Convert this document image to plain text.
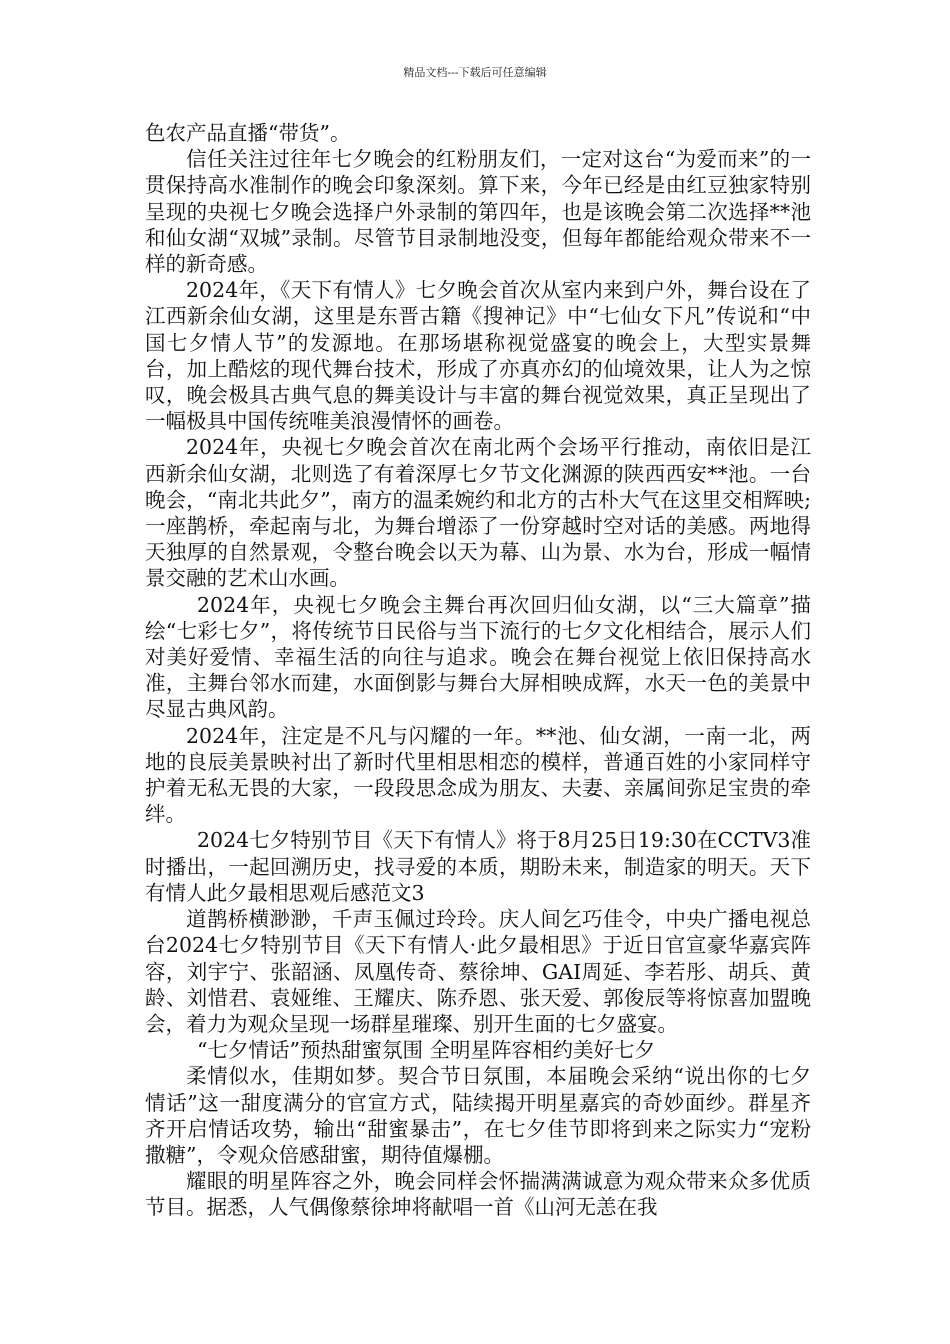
精品文档---下载后可任意编辑

色农产品直播“带货”。

信任关注过往年七夕晚会的红粉朋友们，一定对这台“为爱而来”的一贯保持高水准制作的晚会印象深刻。算下来，今年已经是由红豆独家特别呈现的央视七夕晚会选择户外录制的第四年，也是该晚会第二次选择**池和仙女湖“双城”录制。尽管节目录制地没变，但每年都能给观众带来不一样的新奇感。

2024年，《天下有情人》七夕晚会首次从室内来到户外，舞台设在了江西新余仙女湖，这里是东晋古籍《搜神记》中“七仙女下凡”传说和“中国七夕情人节”的发源地。在那场堪称视觉盛宴的晚会上，大型实景舞台，加上酷炫的现代舞台技术，形成了亦真亦幻的仙境效果，让人为之惊叹，晚会极具古典气息的舞美设计与丰富的舞台视觉效果，真正呈现出了一幅极具中国传统唯美浪漫情怀的画卷。

2024年，央视七夕晚会首次在南北两个会场平行推动，南依旧是江西新余仙女湖，北则选了有着深厚七夕节文化渊源的陕西西安**池。一台晚会，“南北共此夕”，南方的温柔婉约和北方的古朴大气在这里交相辉映;一座鹊桥，牵起南与北，为舞台增添了一份穿越时空对话的美感。两地得天独厚的自然景观，令整台晚会以天为幕、山为景、水为台，形成一幅情景交融的艺术山水画。

2024年，央视七夕晚会主舞台再次回归仙女湖，以“三大篇章”描绘“七彩七夕”，将传统节日民俗与当下流行的七夕文化相结合，展示人们对美好爱情、幸福生活的向往与追求。晚会在舞台视觉上依旧保持高水准，主舞台邻水而建，水面倒影与舞台大屏相映成辉，水天一色的美景中尽显古典风韵。

2024年，注定是不凡与闪耀的一年。**池、仙女湖，一南一北，两地的良辰美景映衬出了新时代里相思相恋的模样，普通百姓的小家同样守护着无私无畏的大家，一段段思念成为朋友、夫妻、亲属间弥足宝贵的牵绊。

2024七夕特别节目《天下有情人》将于8月25日19:30在CCTV3准时播出，一起回溯历史，找寻爱的本质，期盼未来，制造家的明天。天下有情人此夕最相思观后感范文3

道鹊桥横渺渺，千声玉佩过玲玲。庆人间乞巧佳令，中央广播电视总台2024七夕特别节目《天下有情人·此夕最相思》于近日官宣豪华嘉宾阵容，刘宇宁、张韶涵、凤凰传奇、蔡徐坤、GAI周延、李若彤、胡兵、黄龄、刘惜君、袁娅维、王耀庆、陈乔恩、张天爱、郭俊辰等将惊喜加盟晚会，着力为观众呈现一场群星璀璨、别开生面的七夕盛宴。

“七夕情话”预热甜蜜氛围 全明星阵容相约美好七夕

柔情似水，佳期如梦。契合节日氛围，本届晚会采纳“说出你的七夕情话”这一甜度满分的官宣方式，陆续揭开明星嘉宾的奇妙面纱。群星齐齐开启情话攻势，输出“甜蜜暴击”，在七夕佳节即将到来之际实力“宠粉撒糖”，令观众倍感甜蜜，期待值爆棚。

耀眼的明星阵容之外，晚会同样会怀揣满满诚意为观众带来众多优质节目。据悉，人气偶像蔡徐坤将献唱一首《山河无恙在我
